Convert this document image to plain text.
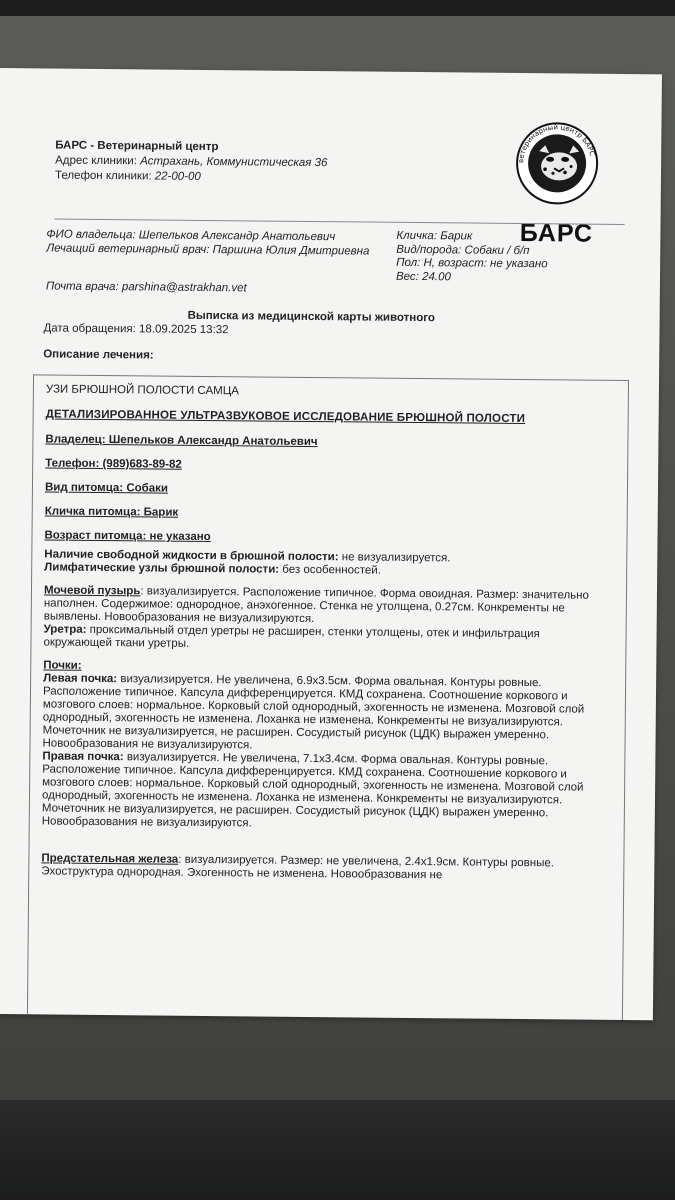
БАРС - Ветеринарный центр
Адрес клиники: Астрахань, Коммунистическая 36
Телефон клиники: 22-00-00
ветеринарный центр БАРС
БАРС
ФИО владельца: Шепельков Александр Анатольевич
Лечащий ветеринарный врач: Паршина Юлия Дмитриевна
Кличка: Барик
Вид/порода: Собаки / б/п
Пол: Н, возраст: не указано
Вес: 24.00
Почта врача: parshina@astrakhan.vet
Выписка из медицинской карты животного
Дата обращения: 18.09.2025 13:32
Описание лечения:

УЗИ БРЮШНОЙ ПОЛОСТИ САМЦА

ДЕТАЛИЗИРОВАННОЕ УЛЬТРАЗВУКОВОЕ ИССЛЕДОВАНИЕ БРЮШНОЙ ПОЛОСТИ

Владелец: Шепельков Александр Анатольевич

Телефон: (989)683-89-82

Вид питомца: Собаки

Кличка питомца: Барик

Возраст питомца: не указано

Наличие свободной жидкости в брюшной полости: не визуализируется.

Лимфатические узлы брюшной полости: без особенностей.

Мочевой пузырь: визуализируется. Расположение типичное. Форма овоидная. Размер: значительно наполнен. Содержимое: однородное, анэхогенное. Стенка не утолщена, 0.27см. Конкременты не выявлены. Новообразования не визуализируются.

Уретра: проксимальный отдел уретры не расширен, стенки утолщены, отек и инфильтрация окружающей ткани уретры.

Почки:

Левая почка: визуализируется. Не увеличена, 6.9x3.5см. Форма овальная. Контуры ровные. Расположение типичное. Капсула дифференцируется. КМД сохранена. Соотношение коркового и мозгового слоев: нормальное. Корковый слой однородный, эхогенность не изменена. Мозговой слой однородный, эхогенность не изменена. Лоханка не изменена. Конкременты не визуализируются. Мочеточник не визуализируется, не расширен. Сосудистый рисунок (ЦДК) выражен умеренно. Новообразования не визуализируются.

Правая почка: визуализируется. Не увеличена, 7.1x3.4см. Форма овальная. Контуры ровные. Расположение типичное. Капсула дифференцируется. КМД сохранена. Соотношение коркового и мозгового слоев: нормальное. Корковый слой однородный, эхогенность не изменена. Мозговой слой однородный, эхогенность не изменена. Лоханка не изменена. Конкременты не визуализируются. Мочеточник не визуализируется, не расширен. Сосудистый рисунок (ЦДК) выражен умеренно. Новообразования не визуализируются.

Предстательная железа: визуализируется. Размер: не увеличена, 2.4x1.9см. Контуры ровные. Эхоструктура однородная. Эхогенность не изменена. Новообразования не
